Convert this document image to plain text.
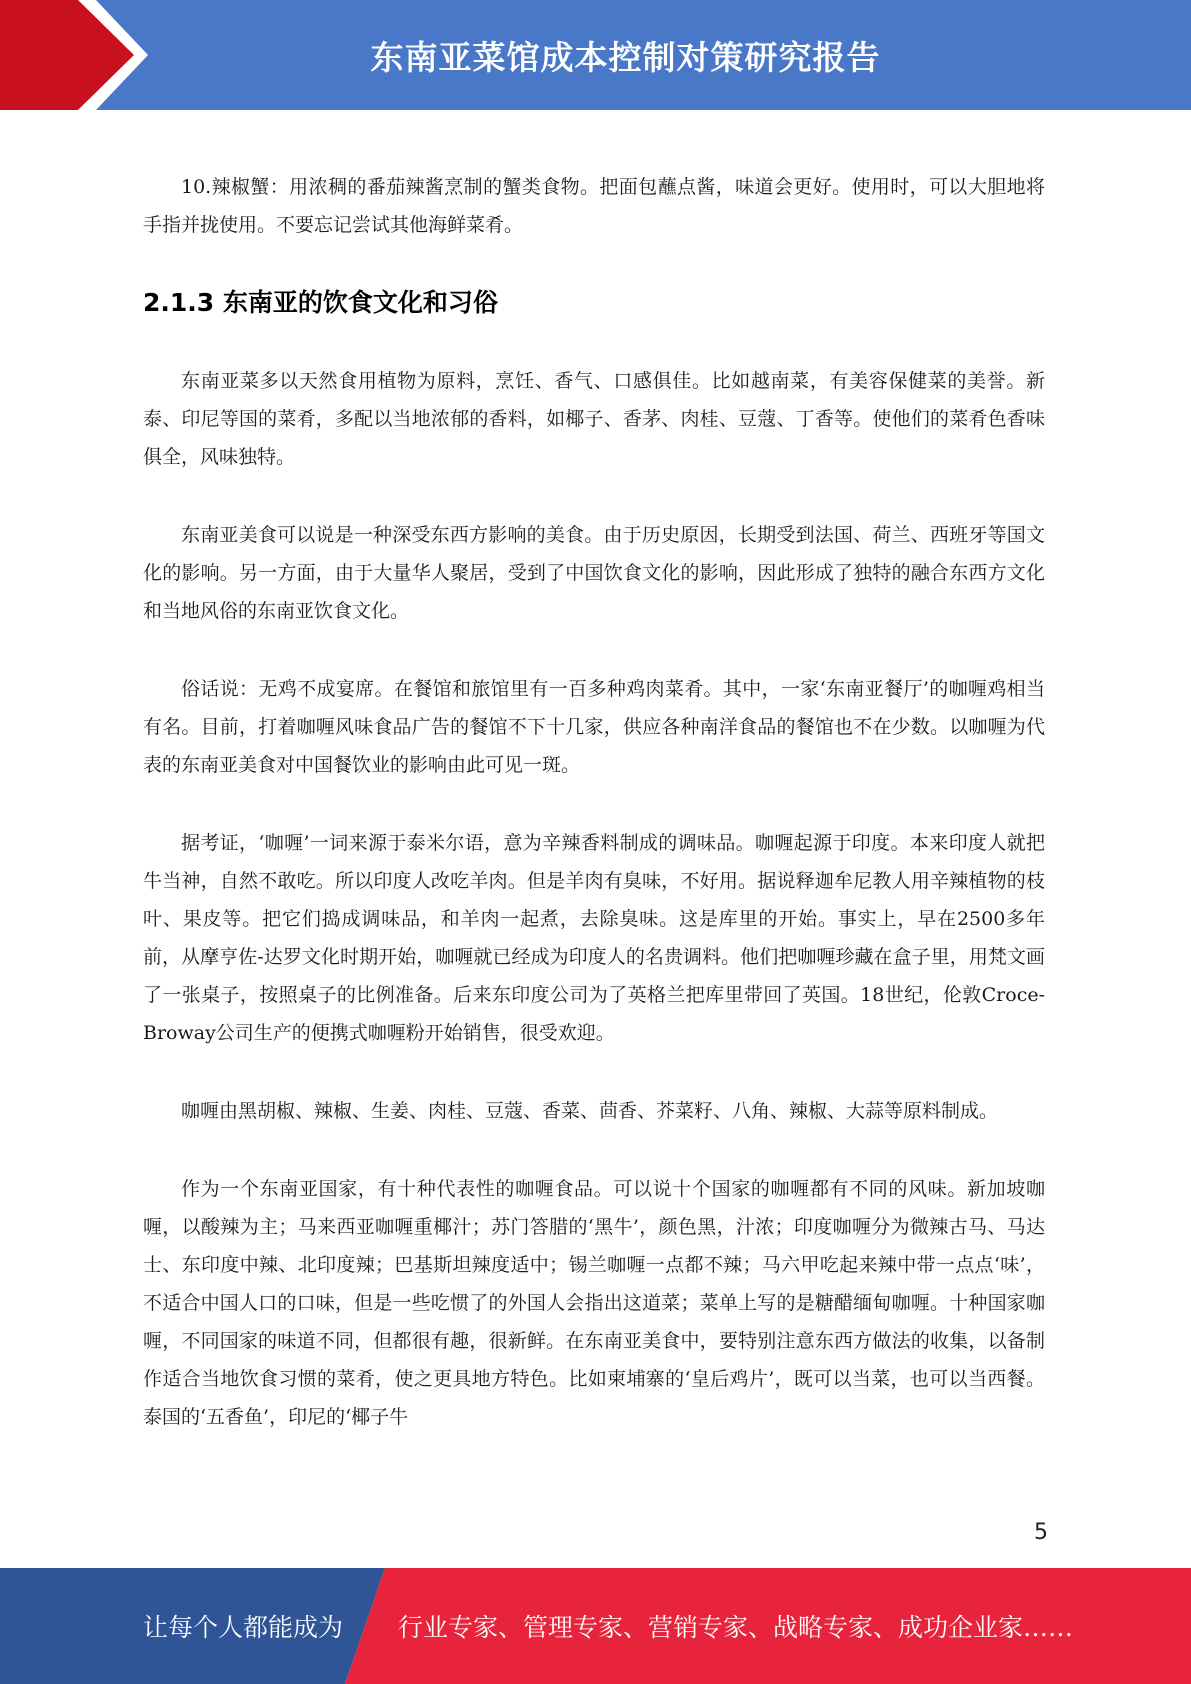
东南亚菜馆成本控制对策研究报告

10.辣椒蟹：用浓稠的番茄辣酱烹制的蟹类食物。把面包蘸点酱，味道会更好。使用时，可以大胆地将手指并拢使用。不要忘记尝试其他海鲜菜肴。

2.1.3 东南亚的饮食文化和习俗

东南亚菜多以天然食用植物为原料，烹饪、香气、口感俱佳。比如越南菜，有美容保健菜的美誉。新泰、印尼等国的菜肴，多配以当地浓郁的香料，如椰子、香茅、肉桂、豆蔻、丁香等。使他们的菜肴色香味俱全，风味独特。

东南亚美食可以说是一种深受东西方影响的美食。由于历史原因，长期受到法国、荷兰、西班牙等国文化的影响。另一方面，由于大量华人聚居，受到了中国饮食文化的影响，因此形成了独特的融合东西方文化和当地风俗的东南亚饮食文化。

俗话说：无鸡不成宴席。在餐馆和旅馆里有一百多种鸡肉菜肴。其中，一家‘东南亚餐厅’的咖喱鸡相当有名。目前，打着咖喱风味食品广告的餐馆不下十几家，供应各种南洋食品的餐馆也不在少数。以咖喱为代表的东南亚美食对中国餐饮业的影响由此可见一斑。

据考证，‘咖喱’一词来源于泰米尔语，意为辛辣香料制成的调味品。咖喱起源于印度。本来印度人就把牛当神，自然不敢吃。所以印度人改吃羊肉。但是羊肉有臭味，不好用。据说释迦牟尼教人用辛辣植物的枝叶、果皮等。把它们捣成调味品，和羊肉一起煮，去除臭味。这是库里的开始。事实上，早在2500多年前，从摩亨佐-达罗文化时期开始，咖喱就已经成为印度人的名贵调料。他们把咖喱珍藏在盒子里，用梵文画了一张桌子，按照桌子的比例准备。后来东印度公司为了英格兰把库里带回了英国。18世纪，伦敦Croce-Broway公司生产的便携式咖喱粉开始销售，很受欢迎。

咖喱由黑胡椒、辣椒、生姜、肉桂、豆蔻、香菜、茴香、芥菜籽、八角、辣椒、大蒜等原料制成。

作为一个东南亚国家，有十种代表性的咖喱食品。可以说十个国家的咖喱都有不同的风味。新加坡咖喱，以酸辣为主；马来西亚咖喱重椰汁；苏门答腊的‘黑牛’，颜色黑，汁浓；印度咖喱分为微辣古马、马达士、东印度中辣、北印度辣；巴基斯坦辣度适中；锡兰咖喱一点都不辣；马六甲吃起来辣中带一点点‘味’，不适合中国人口的口味，但是一些吃惯了的外国人会指出这道菜；菜单上写的是糖醋缅甸咖喱。十种国家咖喱，不同国家的味道不同，但都很有趣，很新鲜。在东南亚美食中，要特别注意东西方做法的收集，以备制作适合当地饮食习惯的菜肴，使之更具地方特色。比如柬埔寨的‘皇后鸡片’，既可以当菜，也可以当西餐。泰国的‘五香鱼’，印尼的‘椰子牛

5
让每个人都能成为 行业专家、管理专家、营销专家、战略专家、成功企业家……
